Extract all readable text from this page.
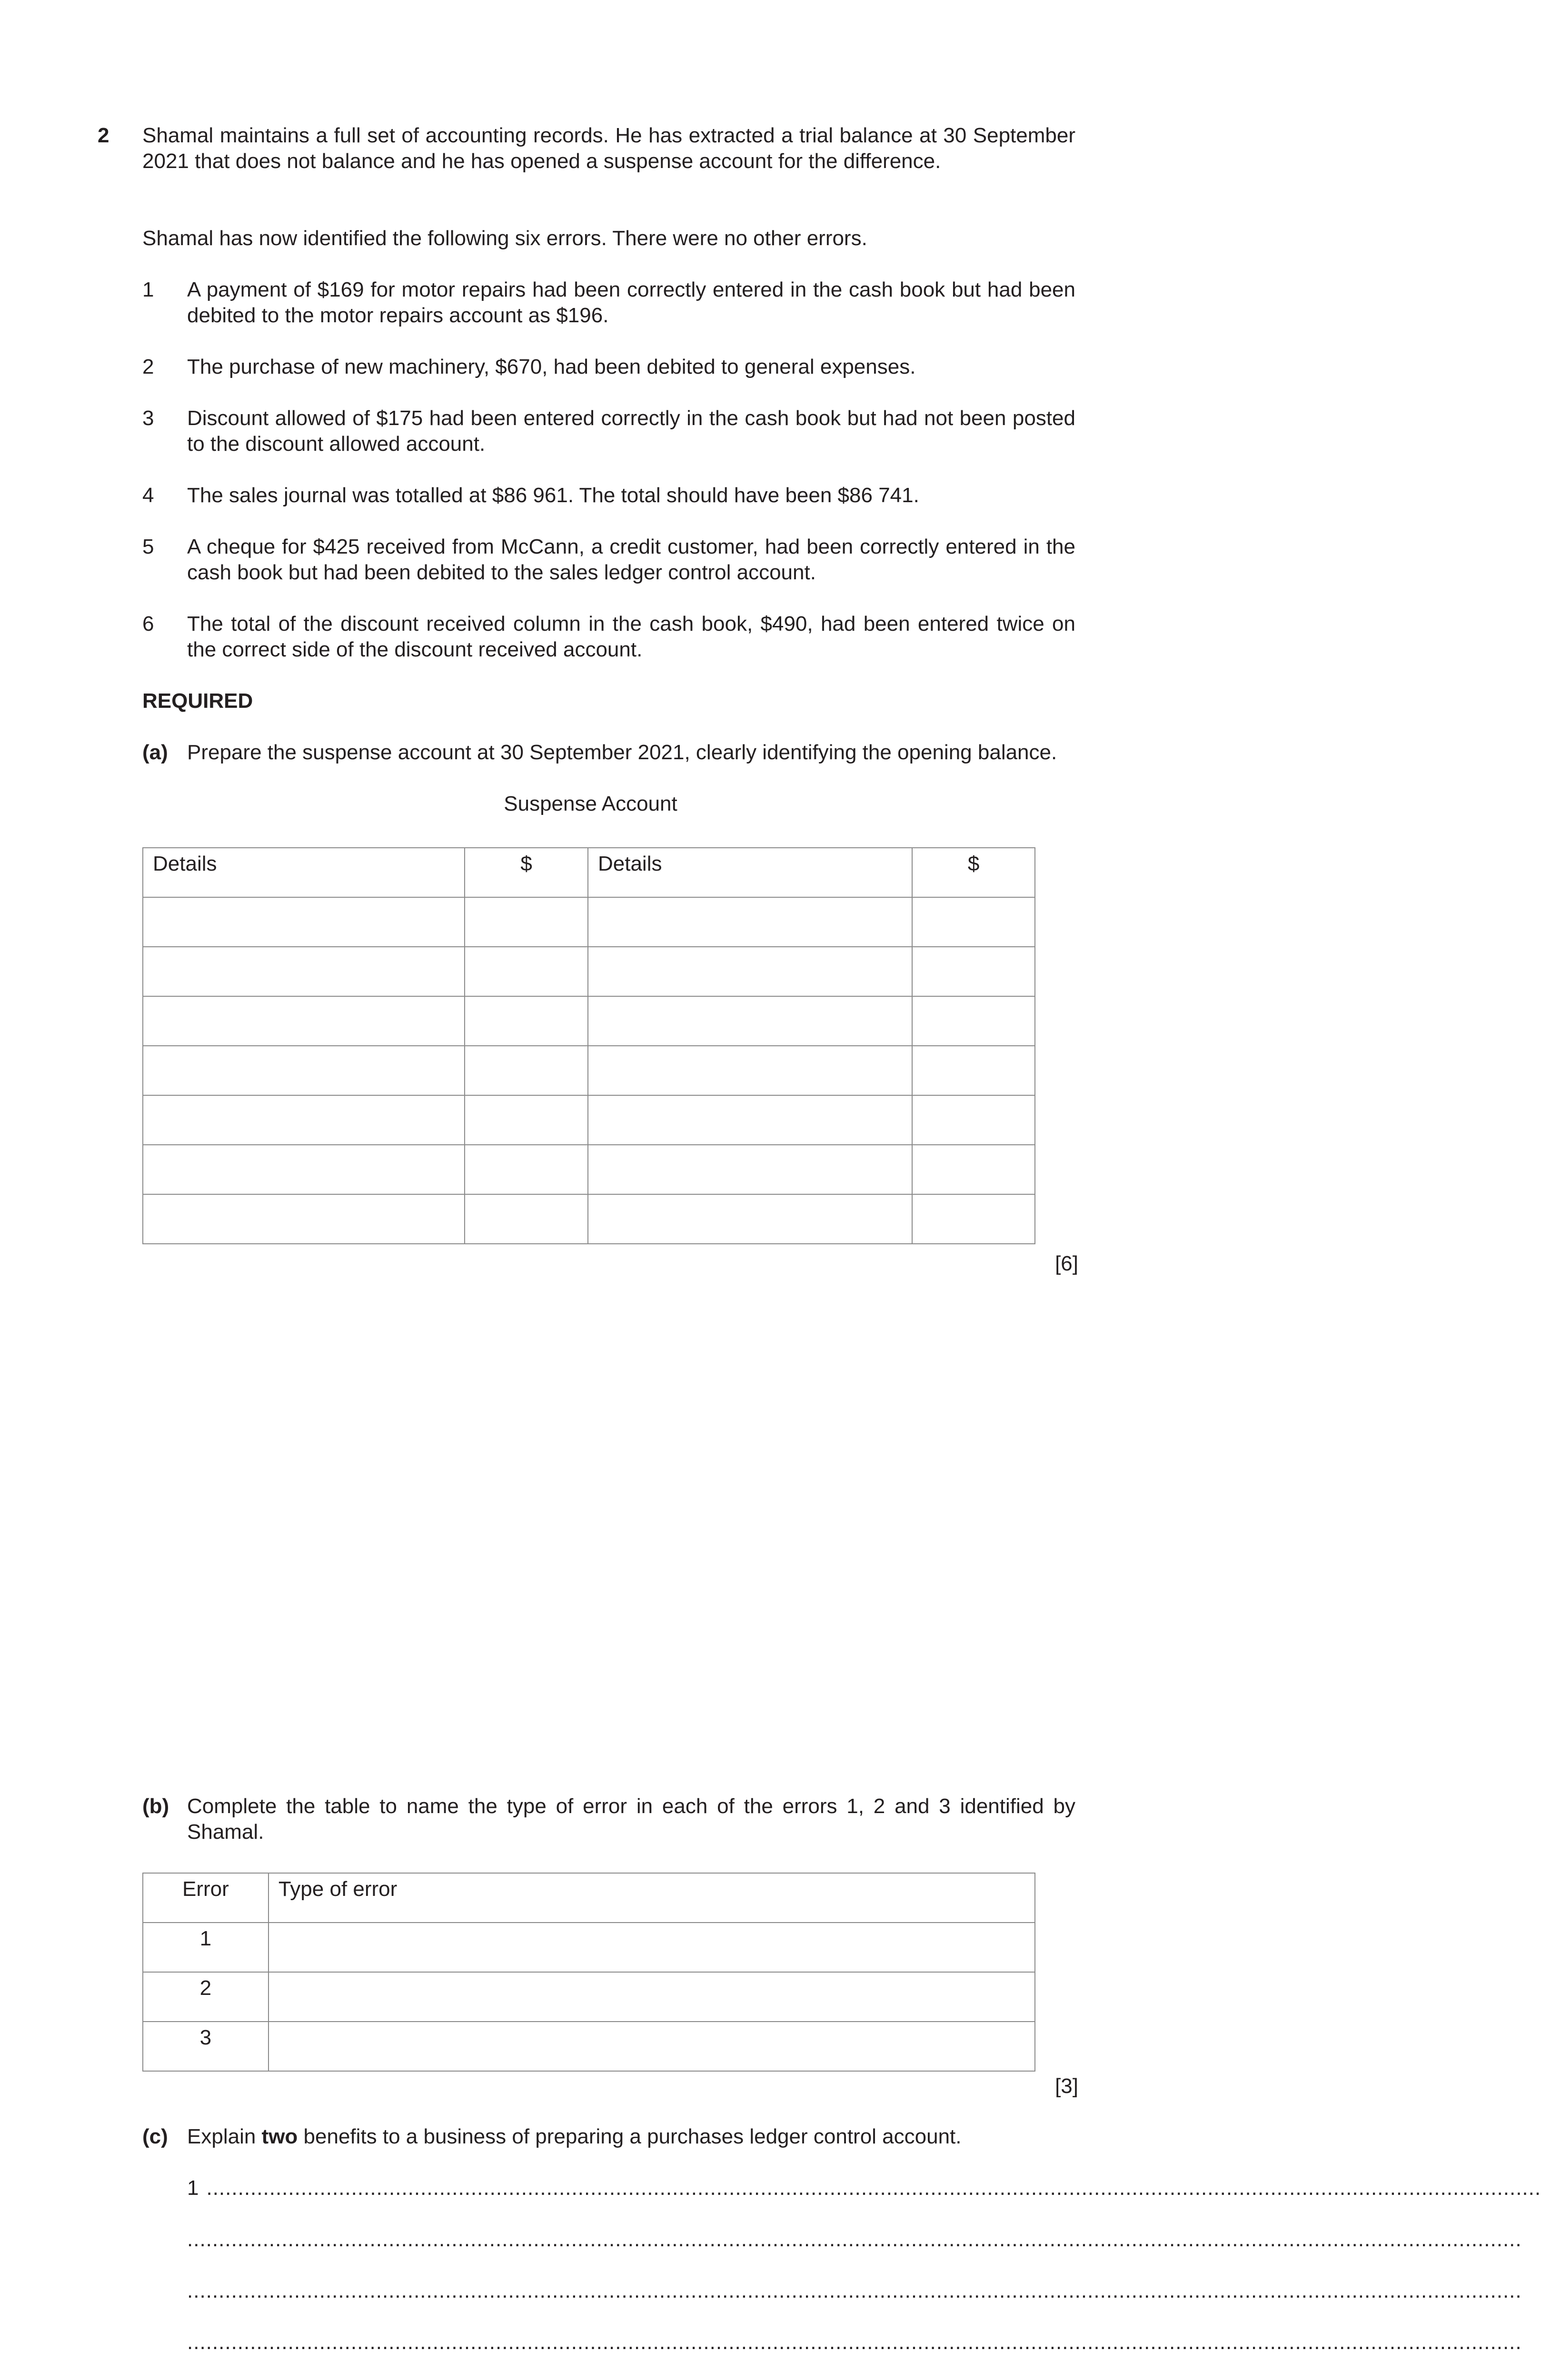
2 Shamal maintains a full set of accounting records. He has extracted a trial balance at 30 September 2021 that does not balance and he has opened a suspense account for the difference.
Shamal has now identified the following six errors. There were no other errors.
1 A payment of $169 for motor repairs had been correctly entered in the cash book but had been debited to the motor repairs account as $196.
2 The purchase of new machinery, $670, had been debited to general expenses.
3 Discount allowed of $175 had been entered correctly in the cash book but had not been posted to the discount allowed account.
4 The sales journal was totalled at $86 961. The total should have been $86 741.
5 A cheque for $425 received from McCann, a credit customer, had been correctly entered in the cash book but had been debited to the sales ledger control account.
6 The total of the discount received column in the cash book, $490, had been entered twice on the correct side of the discount received account.
REQUIRED
(a) Prepare the suspense account at 30 September 2021, clearly identifying the opening balance.
Suspense Account
Details	$	Details	$

[6]
(b) Complete the table to name the type of error in each of the errors 1, 2 and 3 identified by Shamal.
Error	Type of error
1	
2	
3	
[3]
(c) Explain two benefits to a business of preparing a purchases ledger control account.
1 ....................................................................................................................................................................................................................
....................................................................................................................................................................................................................
....................................................................................................................................................................................................................
....................................................................................................................................................................................................................
